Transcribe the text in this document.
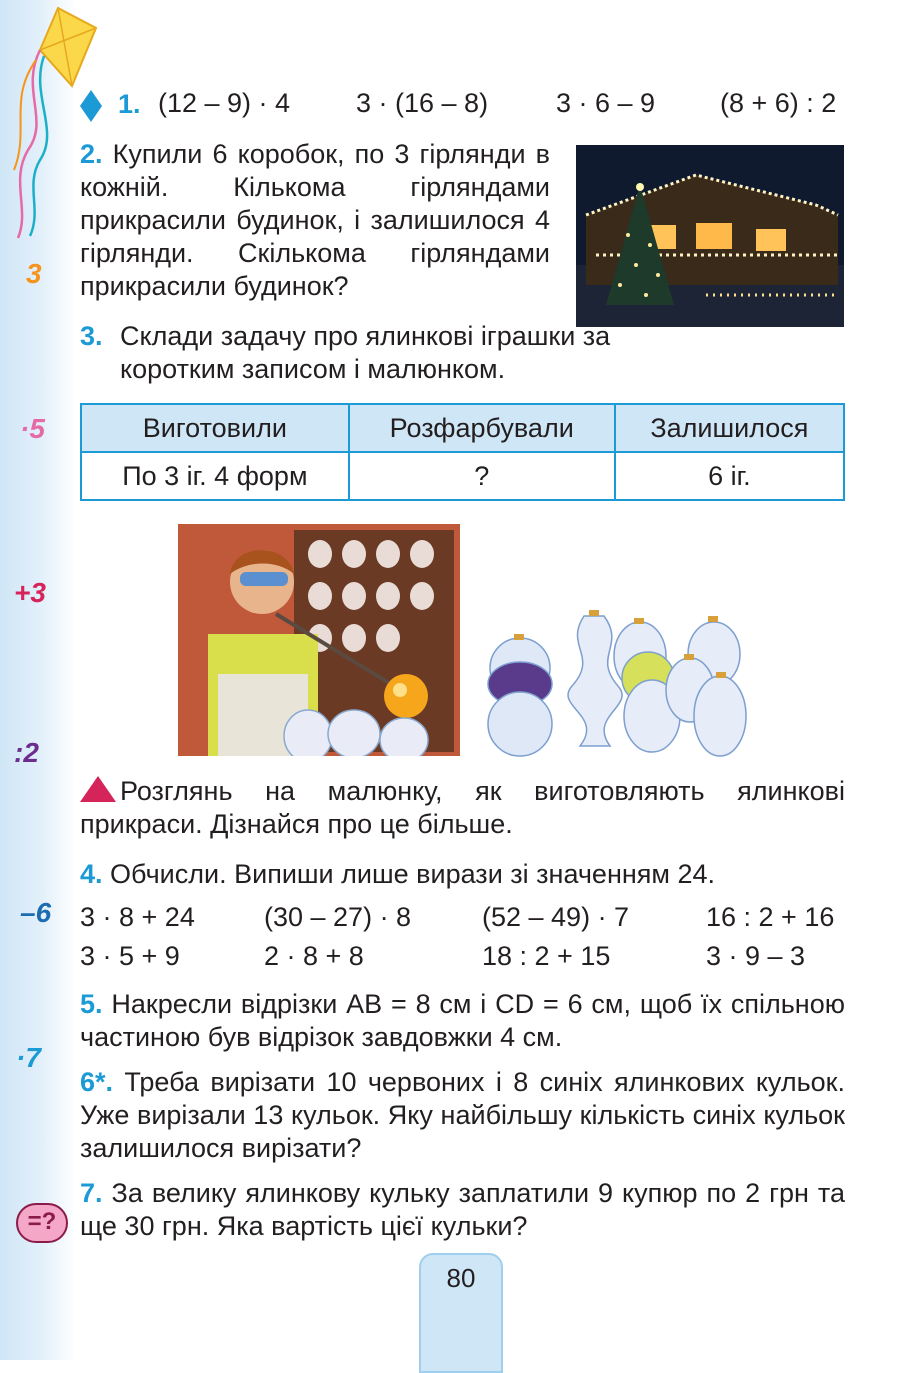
3
·5
+3
:2
–6
·7
=?
1. (12 – 9) · 4 3 · (16 – 8)	3 · 6 – 9 (8 + 6) : 2
2. Купили 6 коробок, по 3 гірлянди в кожній. Кількома гірляндами прикрасили будинок, і залишилося 4 гірлянди. Скількома гірляндами прикрасили будинок?
3. Склади задачу про ялинкові іграшки за коротким записом і малюнком.
Виготовили	Розфарбували	Залишилося
По 3 іг. 4 форм	?	6 іг.
Розглянь на малюнку, як виготовляють ялинкові прикраси. Дізнайся про це більше.
4. Обчисли. Випиши лише вирази зі значенням 24.
3 · 8 + 24	(30 – 27) · 8	(52 – 49) · 7	16 : 2 + 16
3 · 5 + 9	2 · 8 + 8	18 : 2 + 15	3 · 9 – 3
5. Накресли відрізки AB = 8 см і CD = 6 см, щоб їх спільною частиною був відрізок завдовжки 4 см.
6*. Треба вирізати 10 червоних і 8 синіх ялинкових кульок. Уже вирізали 13 кульок. Яку найбільшу кількість синіх кульок залишилося вирізати?
7. За велику ялинкову кульку заплатили 9 купюр по 2 грн та ще 30 грн. Яка вартість цієї кульки?
80
